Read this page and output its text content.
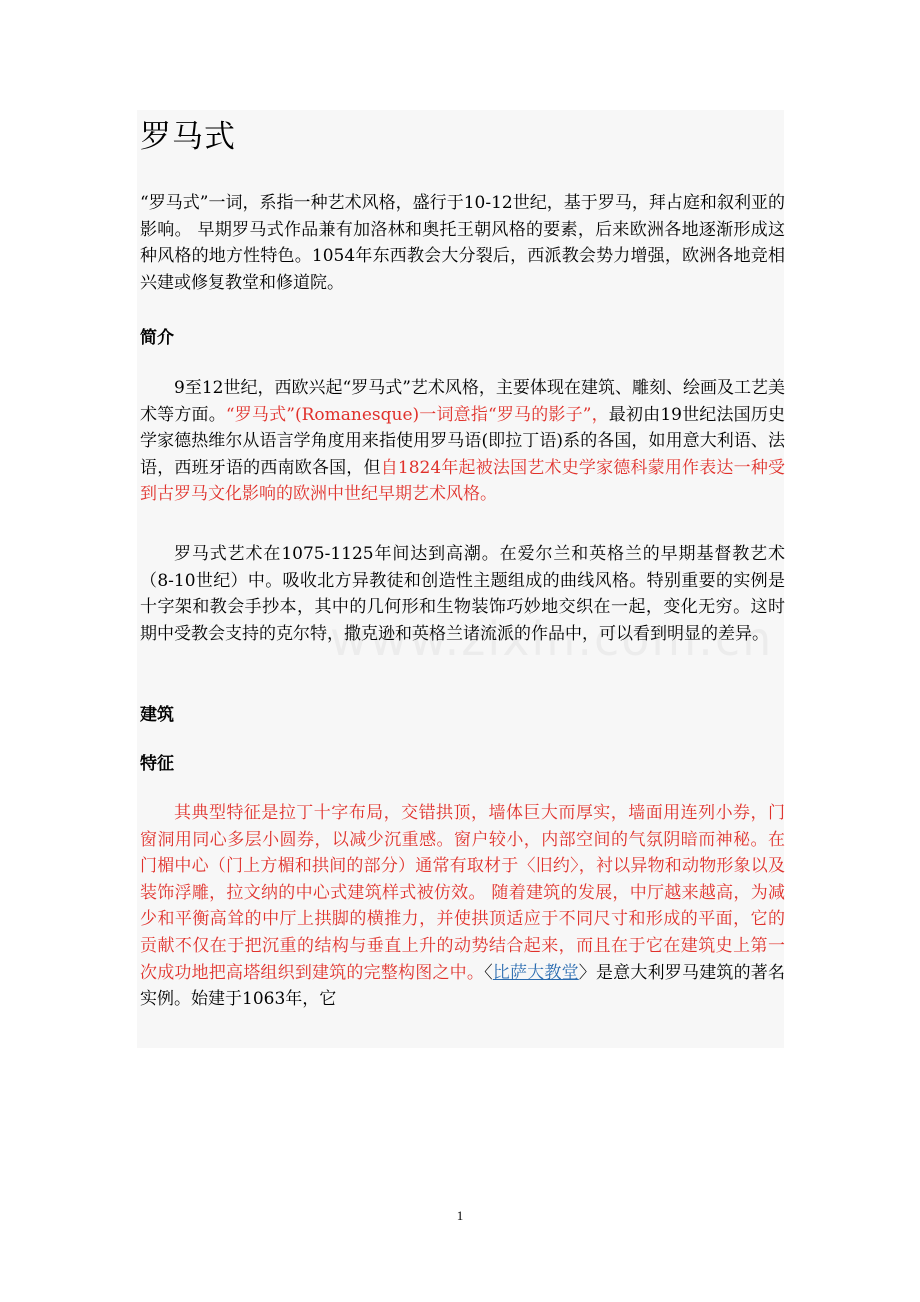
罗马式

“罗马式”一词，系指一种艺术风格，盛行于10-12世纪，基于罗马，拜占庭和叙利亚的影响。 早期罗马式作品兼有加洛林和奥托王朝风格的要素，后来欧洲各地逐渐形成这种风格的地方性特色。1054年东西教会大分裂后，西派教会势力增强，欧洲各地竞相兴建或修复教堂和修道院。

简介

9至12世纪，西欧兴起“罗马式”艺术风格，主要体现在建筑、雕刻、绘画及工艺美术等方面。“罗马式”(Romanesque)一词意指“罗马的影子”，最初由19世纪法国历史学家德热维尔从语言学角度用来指使用罗马语(即拉丁语)系的各国，如用意大利语、法语，西班牙语的西南欧各国，但自1824年起被法国艺术史学家德科蒙用作表达一种受到古罗马文化影响的欧洲中世纪早期艺术风格。

罗马式艺术在1075-1125年间达到高潮。在爱尔兰和英格兰的早期基督教艺术（8-10世纪）中。吸收北方异教徒和创造性主题组成的曲线风格。特别重要的实例是十字架和教会手抄本，其中的几何形和生物装饰巧妙地交织在一起，变化无穷。这时期中受教会支持的克尔特，撒克逊和英格兰诸流派的作品中，可以看到明显的差异。

建筑
特征

其典型特征是拉丁十字布局，交错拱顶，墙体巨大而厚实，墙面用连列小券，门窗洞用同心多层小圆券，以减少沉重感。窗户较小，内部空间的气氛阴暗而神秘。在门楣中心（门上方楣和拱间的部分）通常有取材于〈旧约〉，衬以异物和动物形象以及装饰浮雕，拉文纳的中心式建筑样式被仿效。 随着建筑的发展，中厅越来越高，为减少和平衡高耸的中厅上拱脚的横推力，并使拱顶适应于不同尺寸和形成的平面，它的贡献不仅在于把沉重的结构与垂直上升的动势结合起来，而且在于它在建筑史上第一次成功地把高塔组织到建筑的完整构图之中。〈比萨大教堂〉是意大利罗马建筑的著名实例。始建于1063年，它

1
